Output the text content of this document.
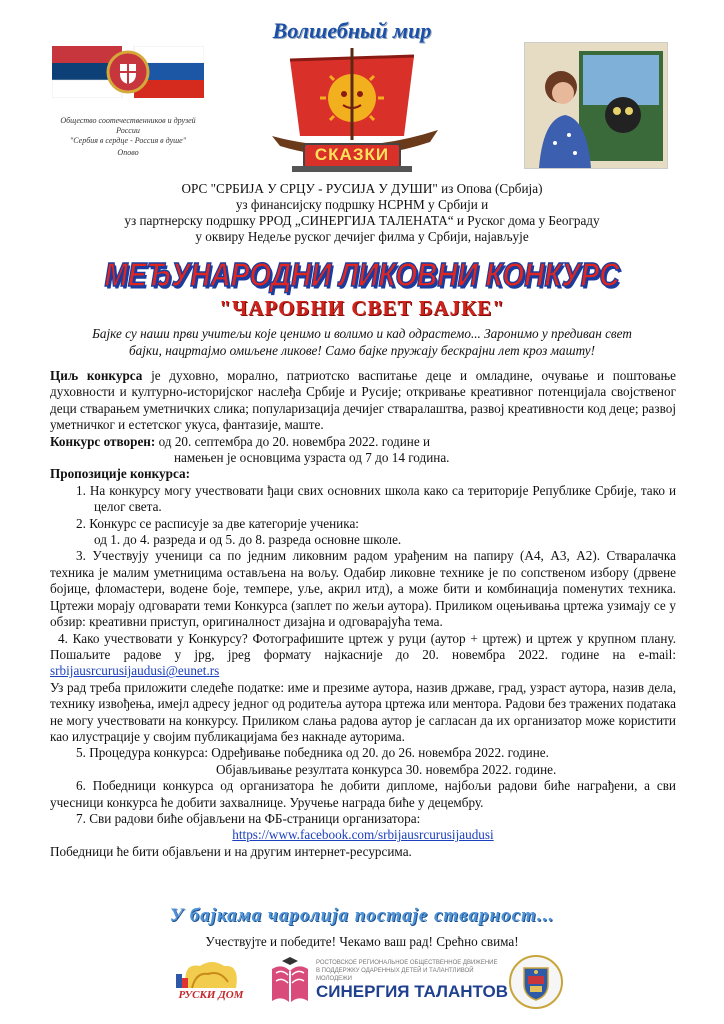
Общество соотечественников и друзей России
"Сербия в сердце - Россия в душе"
Опово
Волшебный мир
СКАЗКИ
ОРС "СРБИЈА У СРЦУ - РУСИЈА У ДУШИ" из Опова (Србија)
уз финансијску подршку НСРНМ у Србији и
уз партнерску подршку РРОД „СИНЕРГИЈА ТАЛЕНАТА“ и Руског дома у Београду
у оквиру Недеље руског дечијег филма у Србији, најављује
МЕЂУНАРОДНИ ЛИКОВНИ КОНКУРС
"ЧАРОБНИ СВЕТ БАЈКЕ"
Бајке су наши први учитељи које ценимо и волимо и кад одрастемо... Заронимо у предиван свет
бајки, нацртајмо омиљене ликове! Само бајке пружају бескрајни лет кроз машту!

Циљ конкурса је духовно, морално, патриотско васпитање деце и омладине, очување и поштовање духовности и културно-историјског наслеђа Србије и Русије; откривање креативног потенцијала својственог деци стварањем уметничких слика; популаризација дечијег стваралаштва, развој креативности код деце; развој уметничког и естетског укуса, фантазије, маште.

Конкурс отворен: од 20. септембра до 20. новембра 2022. године и

намењен је основцима узраста од 7 до 14 година.

Пропозиције конкурса:

1. На конкурсу могу учествовати ђаци свих основних школа како са територије Републике Србије, тако и целог света.

2. Конкурс се расписује за две категорије ученика:

од 1. до 4. разреда и од 5. до 8. разреда основне школе.

3. Учествују ученици са по једним ликовним радом урађеним на папиру (А4, А3, А2). Стваралачка техника је малим уметницима остављена на вољу. Одабир ликовне технике је по сопственом избору (дрвене бојице, фломастери, водене боје, темпере, уље, акрил итд), а може бити и комбинација поменутих техника. Цртежи морају одговарати теми Конкурса (заплет по жељи аутора). Приликом оцењивања цртежа узимају се у обзир: креативни приступ, оригиналност дизајна и одговарајућа тема.

4. Како учествовати у Конкурсу? Фотографишите цртеж у руци (аутор + цртеж) и цртеж у крупном плану. Пошаљите радове у jpg, jpeg формату најкасније до 20. новембра 2022. године на e-mail: srbijausrcurusijaudusi@eunet.rs

Уз рад треба приложити следеће податке: име и презиме аутора, назив државе, град, узраст аутора, назив дела, технику извођења, имејл адресу једног од родитеља аутора цртежа или ментора. Радови без тражених података не могу учествовати на конкурсу. Приликом слања радова аутор је сагласан да их организатор може користити као илустрације у својим публикацијама без накнаде ауторима.

5. Процедура конкурса: Одређивање победника од 20. до 26. новембра 2022. године.

Објављивање резултата конкурса 30. новембра 2022. године.

6. Победници конкурса од организатора ће добити дипломе, најбољи радови биће награђени, а сви учесници конкурса ће добити захвалнице. Уручење награда биће у децембру.

7. Сви радови биће објављени на ФБ-страници организатора:

https://www.facebook.com/srbijausrcurusijaudusi

Победници ће бити објављени и на другим интернет-ресурсима.

У бајкама чаролија постаје стварност...
Учествујте и победите! Чекамо ваш рад! Срећно свима!
РУСКИ ДОМ
РОСТОВСКОЕ РЕГИОНАЛЬНОЕ ОБЩЕСТВЕННОЕ ДВИЖЕНИЕ В ПОДДЕРЖКУ ОДАРЕННЫХ ДЕТЕЙ И ТАЛАНТЛИВОЙ МОЛОДЕЖИ
СИНЕРГИЯ ТАЛАНТОВ
